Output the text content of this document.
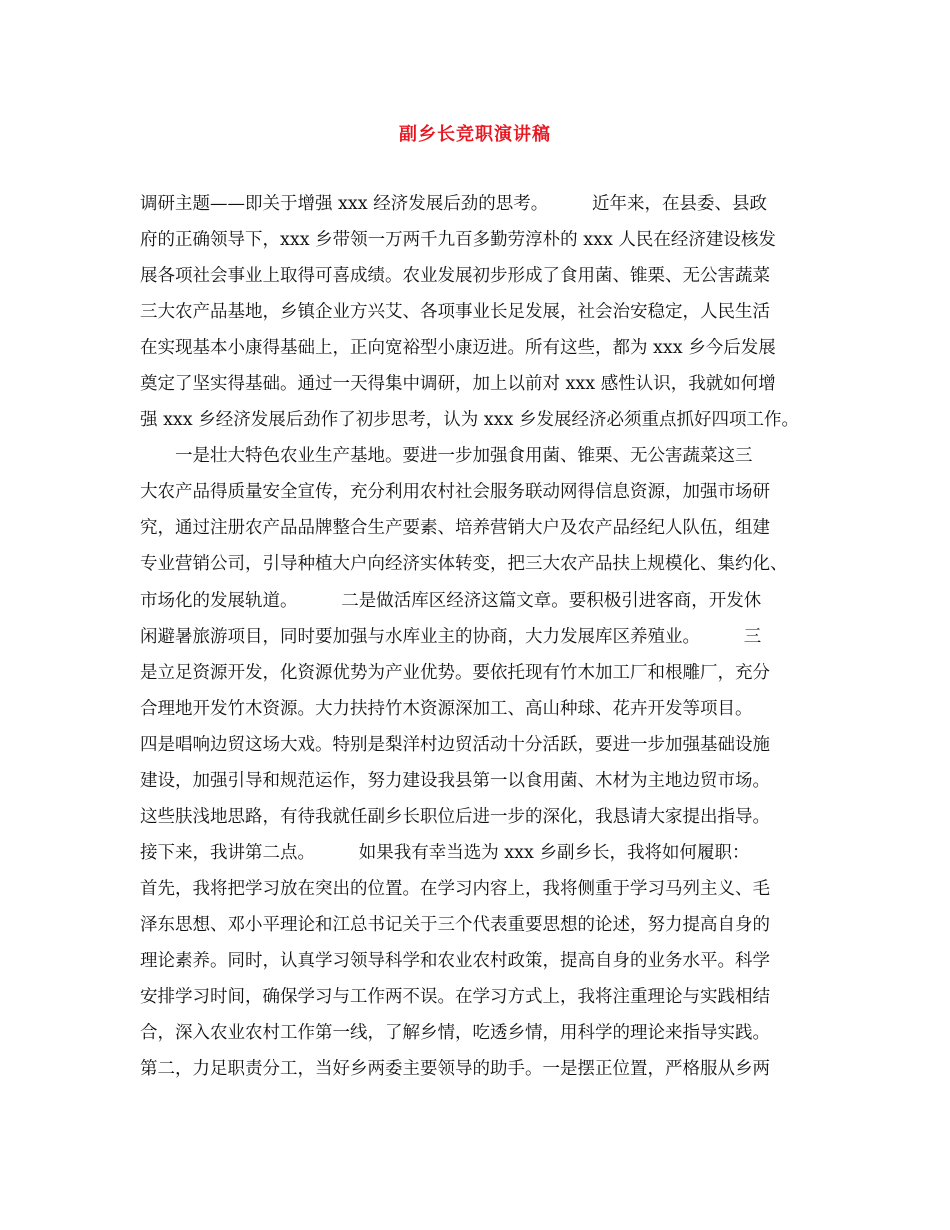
副乡长竞职演讲稿
调研主题——即关于增强 xxx 经济发展后劲的思考。　　　近年来，在县委、县政
府的正确领导下，xxx 乡带领一万两千九百多勤劳淳朴的 xxx 人民在经济建设核发
展各项社会事业上取得可喜成绩。农业发展初步形成了食用菌、锥栗、无公害蔬菜
三大农产品基地，乡镇企业方兴艾、各项事业长足发展，社会治安稳定，人民生活
在实现基本小康得基础上，正向宽裕型小康迈进。所有这些，都为 xxx 乡今后发展
奠定了坚实得基础。通过一天得集中调研，加上以前对 xxx 感性认识，我就如何增
强 xxx 乡经济发展后劲作了初步思考，认为 xxx 乡发展经济必须重点抓好四项工作。
　　一是壮大特色农业生产基地。要进一步加强食用菌、锥栗、无公害蔬菜这三
大农产品得质量安全宣传，充分利用农村社会服务联动网得信息资源，加强市场研
究，通过注册农产品品牌整合生产要素、培养营销大户及农产品经纪人队伍，组建
专业营销公司，引导种植大户向经济实体转变，把三大农产品扶上规模化、集约化、
市场化的发展轨道。　　　二是做活库区经济这篇文章。要积极引进客商，开发休
闲避暑旅游项目，同时要加强与水库业主的协商，大力发展库区养殖业。　　　三
是立足资源开发，化资源优势为产业优势。要依托现有竹木加工厂和根雕厂，充分
合理地开发竹木资源。大力扶持竹木资源深加工、高山种球、花卉开发等项目。
四是唱响边贸这场大戏。特别是梨洋村边贸活动十分活跃，要进一步加强基础设施
建设，加强引导和规范运作，努力建设我县第一以食用菌、木材为主地边贸市场。
这些肤浅地思路，有待我就任副乡长职位后进一步的深化，我恳请大家提出指导。
接下来，我讲第二点。　　　如果我有幸当选为 xxx 乡副乡长，我将如何履职：
首先，我将把学习放在突出的位置。在学习内容上，我将侧重于学习马列主义、毛
泽东思想、邓小平理论和江总书记关于三个代表重要思想的论述，努力提高自身的
理论素养。同时，认真学习领导科学和农业农村政策，提高自身的业务水平。科学
安排学习时间，确保学习与工作两不误。在学习方式上，我将注重理论与实践相结
合，深入农业农村工作第一线，了解乡情，吃透乡情，用科学的理论来指导实践。
第二，力足职责分工，当好乡两委主要领导的助手。一是摆正位置，严格服从乡两
